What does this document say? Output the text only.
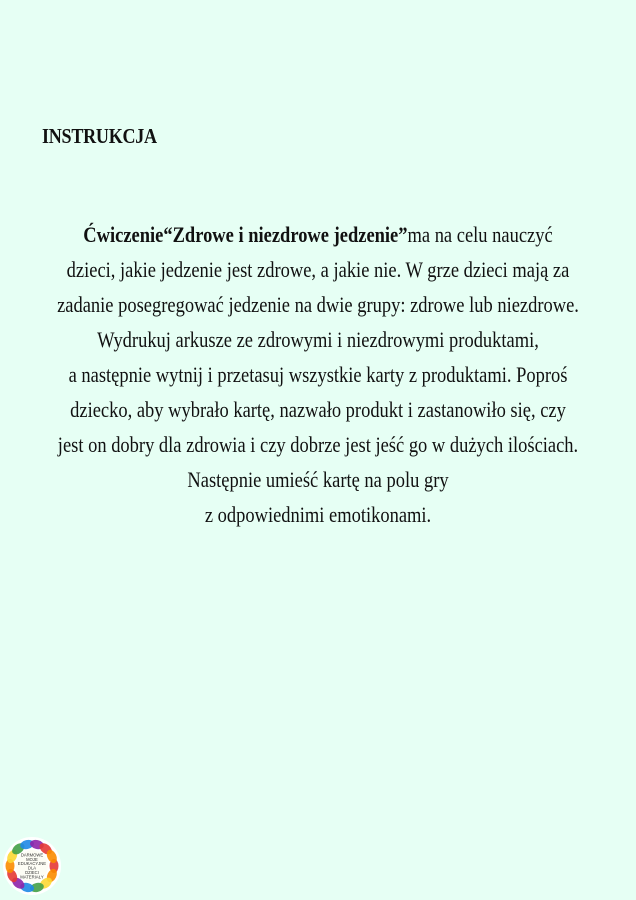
INSTRUKCJA
Ćwiczenie“Zdrowe i niezdrowe jedzenie”ma na celu nauczyć
dzieci, jakie jedzenie jest zdrowe, a jakie nie. W grze dzieci mają za
zadanie posegregować jedzenie na dwie grupy: zdrowe lub niezdrowe.
Wydrukuj arkusze ze zdrowymi i niezdrowymi produktami,
a następnie wytnij i przetasuj wszystkie karty z produktami. Poproś
dziecko, aby wybrało kartę, nazwało produkt i zastanowiło się, czy
jest on dobry dla zdrowia i czy dobrze jest jeść go w dużych ilościach.
Następnie umieść kartę na polu gry
z odpowiednimi emotikonami.
DARMOWE
MOJE
EDUKACYJNE
DLA
DZIECI
MATERIAŁY
